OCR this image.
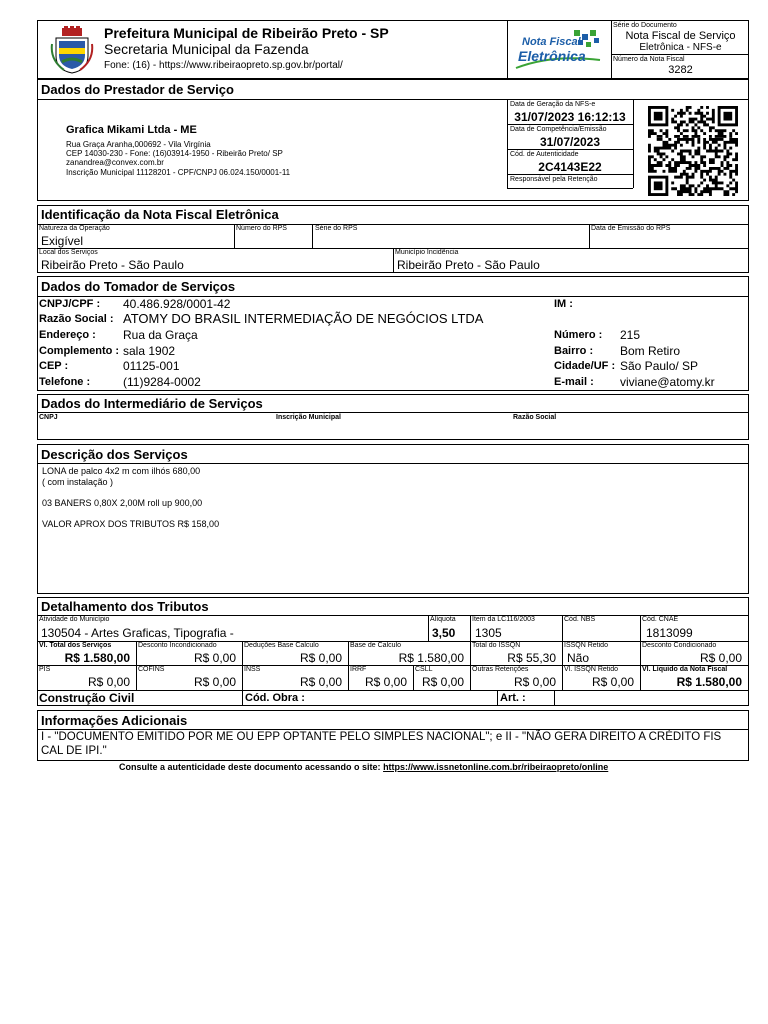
Prefeitura Municipal de Ribeirão Preto - SP
Secretaria Municipal da Fazenda
Fone: (16) - https://www.ribeiraopreto.sp.gov.br/portal/
Nota Fiscal
Eletrônica
Série do Documento
Nota Fiscal de Serviço
Eletrônica - NFS-e
Número da Nota Fiscal
3282
Dados do Prestador de Serviço
Grafica Mikami Ltda - ME
Rua Graça Aranha,000692 - Vila Virgínia
CEP 14030-230 - Fone: (16)03914-1950 - Ribeirão Preto/ SP
zanandrea@convex.com.br
Inscrição Municipal 11128201 - CPF/CNPJ 06.024.150/0001-11
Data de Geração da NFS-e
31/07/2023 16:12:13
Data de Competência/Emissão
31/07/2023
Cód. de Autenticidade
2C4143E22
Responsável pela Retenção
Identificação da Nota Fiscal Eletrônica
Natureza da Operação
Exigível
Número do RPS	Série do RPS	Data de Emissão do RPS
Local dos Serviços
Ribeirão Preto - São Paulo
Município Incidência
Ribeirão Preto - São Paulo
Dados do Tomador de Serviços
CNPJ/CPF : 40.486.928/0001-42	IM :
Razão Social : ATOMY DO BRASIL INTERMEDIAÇÃO DE NEGÓCIOS LTDA
Endereço : Rua da Graça	Número : 215
Complemento : sala 1902	Bairro : Bom Retiro
CEP :	01125-001	Cidade/UF : São Paulo/ SP
Telefone :	(11)9284-0002	E-mail : viviane@atomy.kr
Dados do Intermediário de Serviços
CNPJ	Inscrição Municipal	Razão Social
Descrição dos Serviços
LONA de palco 4x2 m com ilhós 680,00
( com instalação )
03 BANERS 0,80X 2,00M roll up 900,00
VALOR APROX DOS TRIBUTOS R$ 158,00
Detalhamento dos Tributos
Atividade do Município
130504 - Artes Graficas, Tipografia -
Alíquota
3,50
Item da LC116/2003
1305
Cód. NBS	Cód. CNAE
1813099
Vl. Total dos Serviços
R$ 1.580,00
Desconto Incondicionado
R$ 0,00
Deduções Base Calculo
R$ 0,00
Base de Calculo
R$ 1.580,00
Total do ISSQN
R$ 55,30
ISSQN Retido
Não
Desconto Condicionado
R$ 0,00
PIS
R$ 0,00
COFINS
R$ 0,00
INSS
R$ 0,00
IRRF
R$ 0,00
CSLL
R$ 0,00
Outras Retenções
R$ 0,00
Vl. ISSQN Retido
R$ 0,00
Vl. Líquido da Nota Fiscal
R$ 1.580,00
Construção Civil	Cód. Obra :	Art. :
Informações Adicionais
I - "DOCUMENTO EMITIDO POR ME OU EPP OPTANTE PELO SIMPLES NACIONAL"; e II - "NÃO GERA DIREITO A CRÉDITO FIS
CAL DE IPI."
Consulte a autenticidade deste documento acessando o site: https://www.issnetonline.com.br/ribeiraopreto/online
